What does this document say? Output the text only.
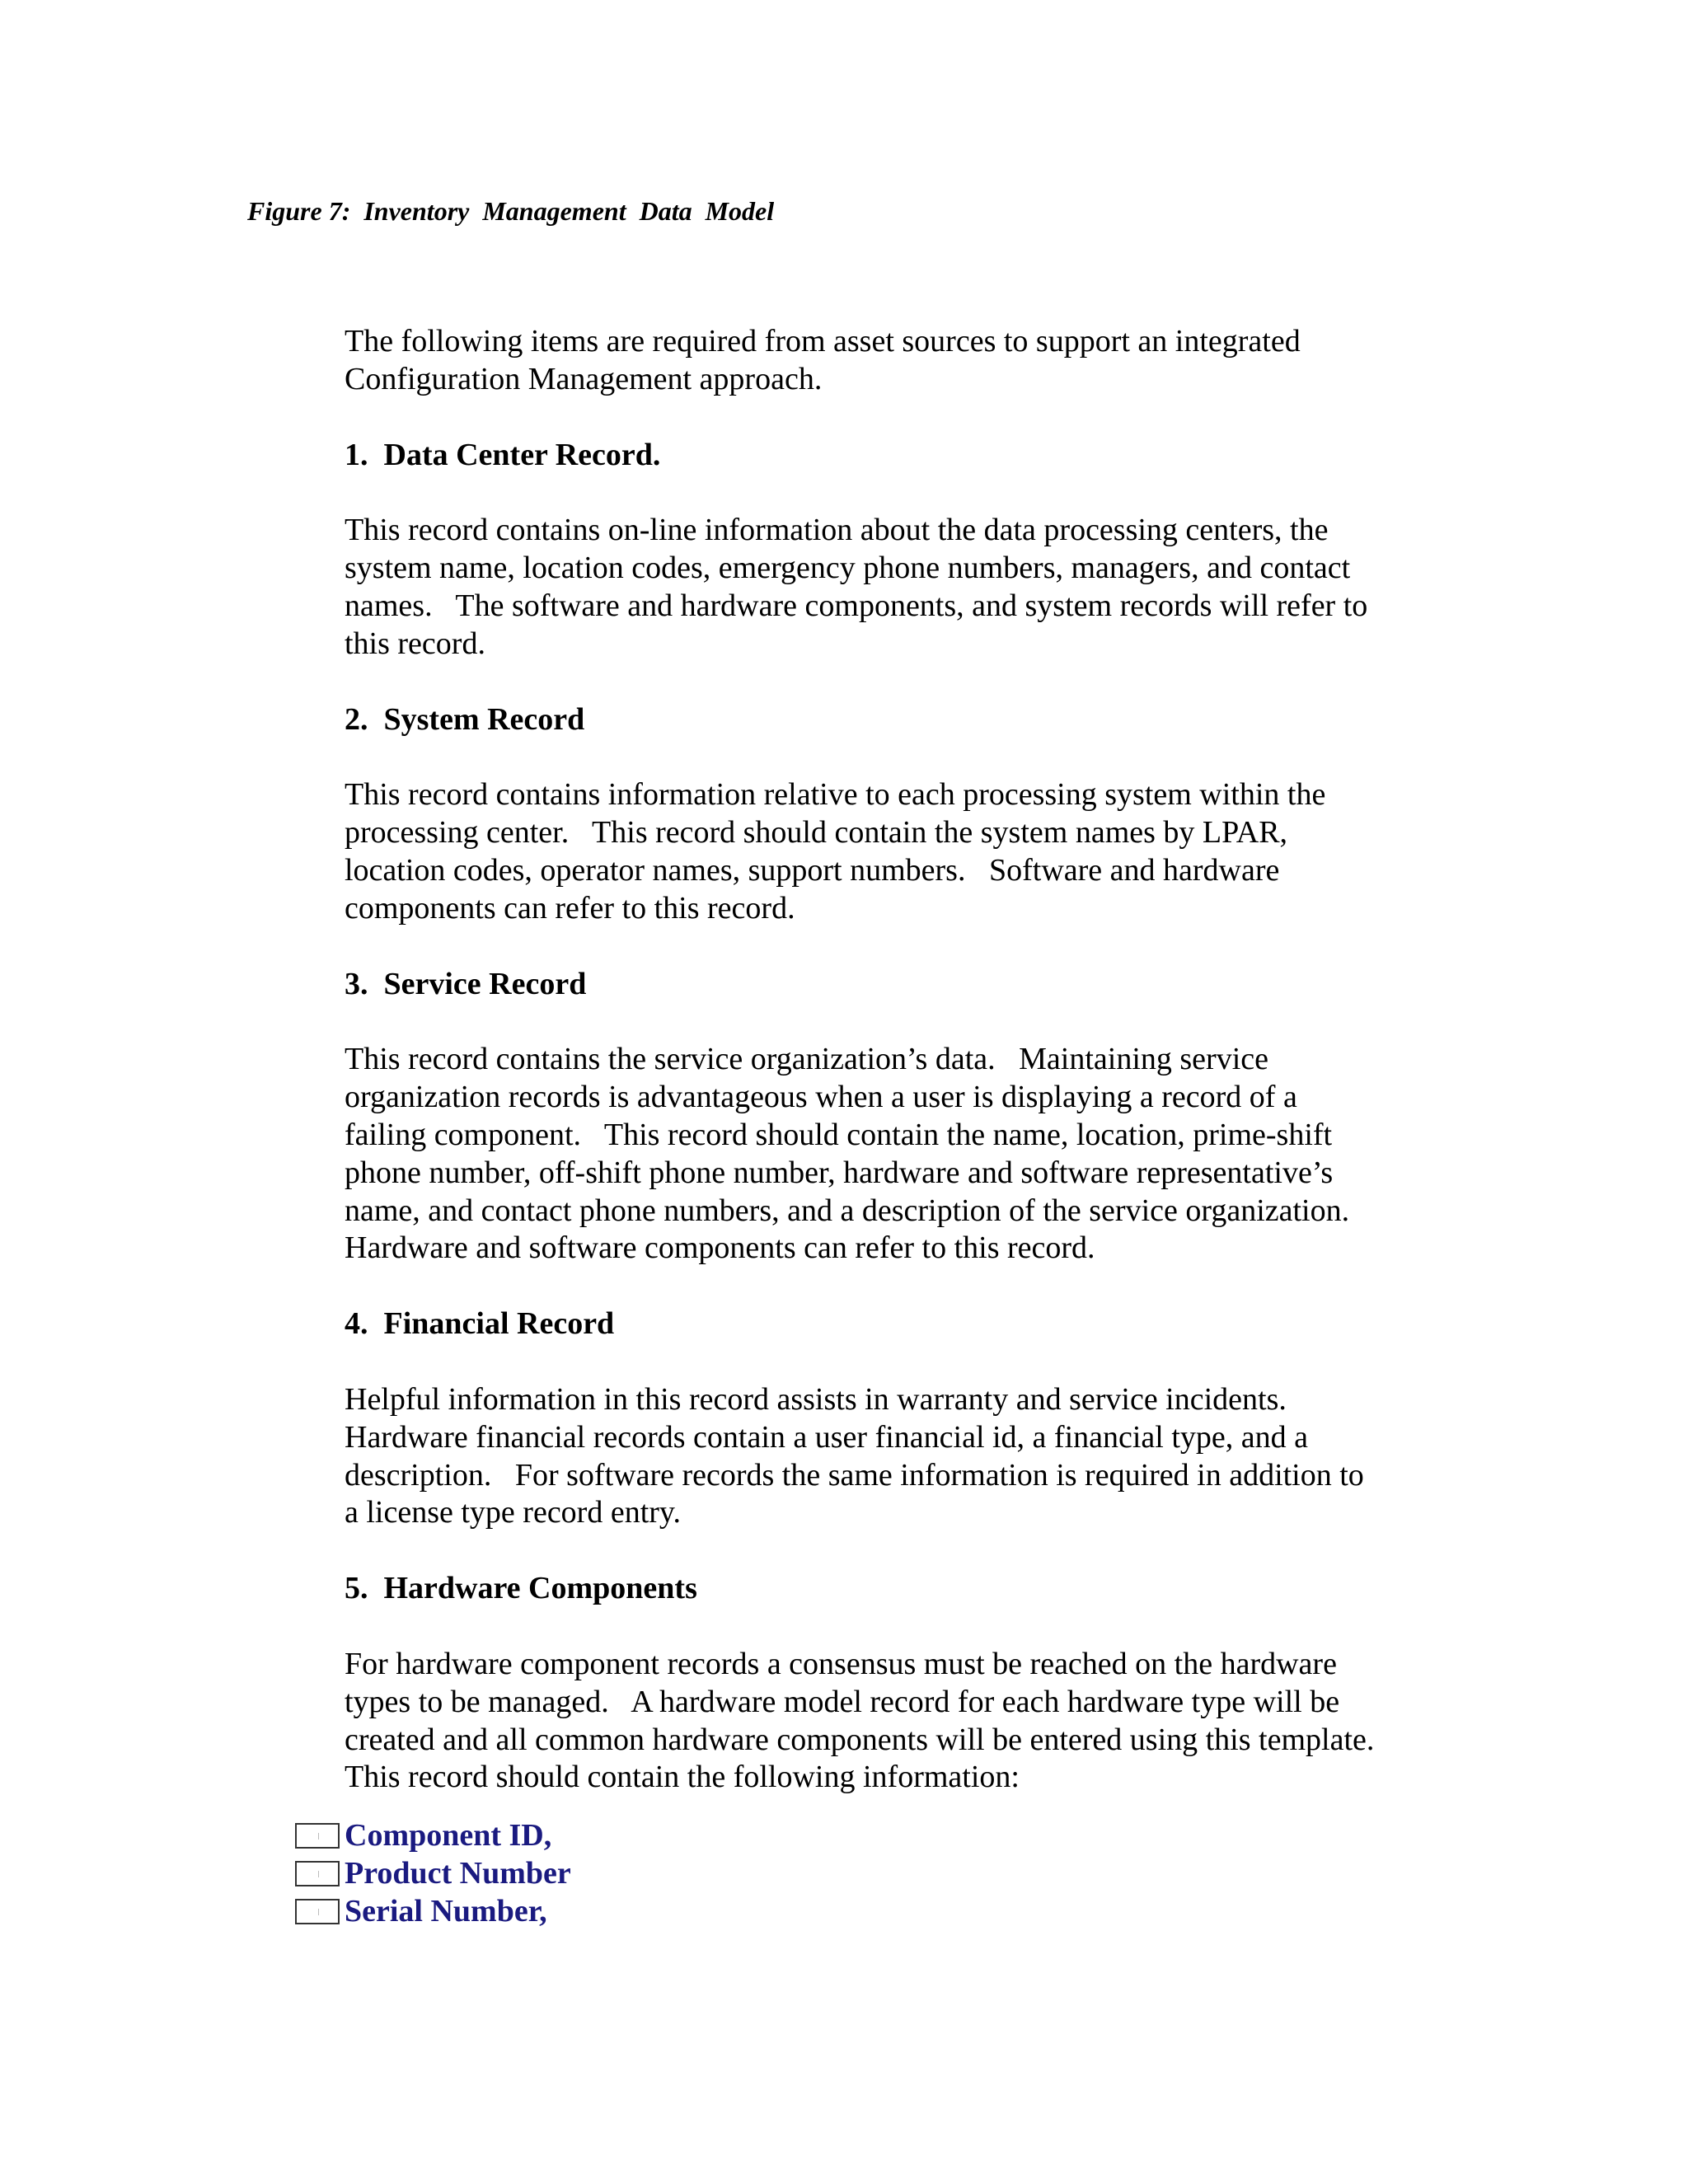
Figure 7:  Inventory  Management  Data  Model

The following items are required from asset sources to support an integrated
Configuration Management approach.

1.  Data Center Record.

This record contains on-line information about the data processing centers, the
system name, location codes, emergency phone numbers, managers, and contact
names.   The software and hardware components, and system records will refer to
this record.

2.  System Record

This record contains information relative to each processing system within the
processing center.   This record should contain the system names by LPAR,
location codes, operator names, support numbers.   Software and hardware
components can refer to this record.

3.  Service Record

This record contains the service organization’s data.   Maintaining service
organization records is advantageous when a user is displaying a record of a
failing component.   This record should contain the name, location, prime-shift
phone number, off-shift phone number, hardware and software representative’s
name, and contact phone numbers, and a description of the service organization.
Hardware and software components can refer to this record.

4.  Financial Record

Helpful information in this record assists in warranty and service incidents.
Hardware financial records contain a user financial id, a financial type, and a
description.   For software records the same information is required in addition to
a license type record entry.

5.  Hardware Components

For hardware component records a consensus must be reached on the hardware
types to be managed.   A hardware model record for each hardware type will be
created and all common hardware components will be entered using this template.
This record should contain the following information:

Component ID,
Product Number
Serial Number,
